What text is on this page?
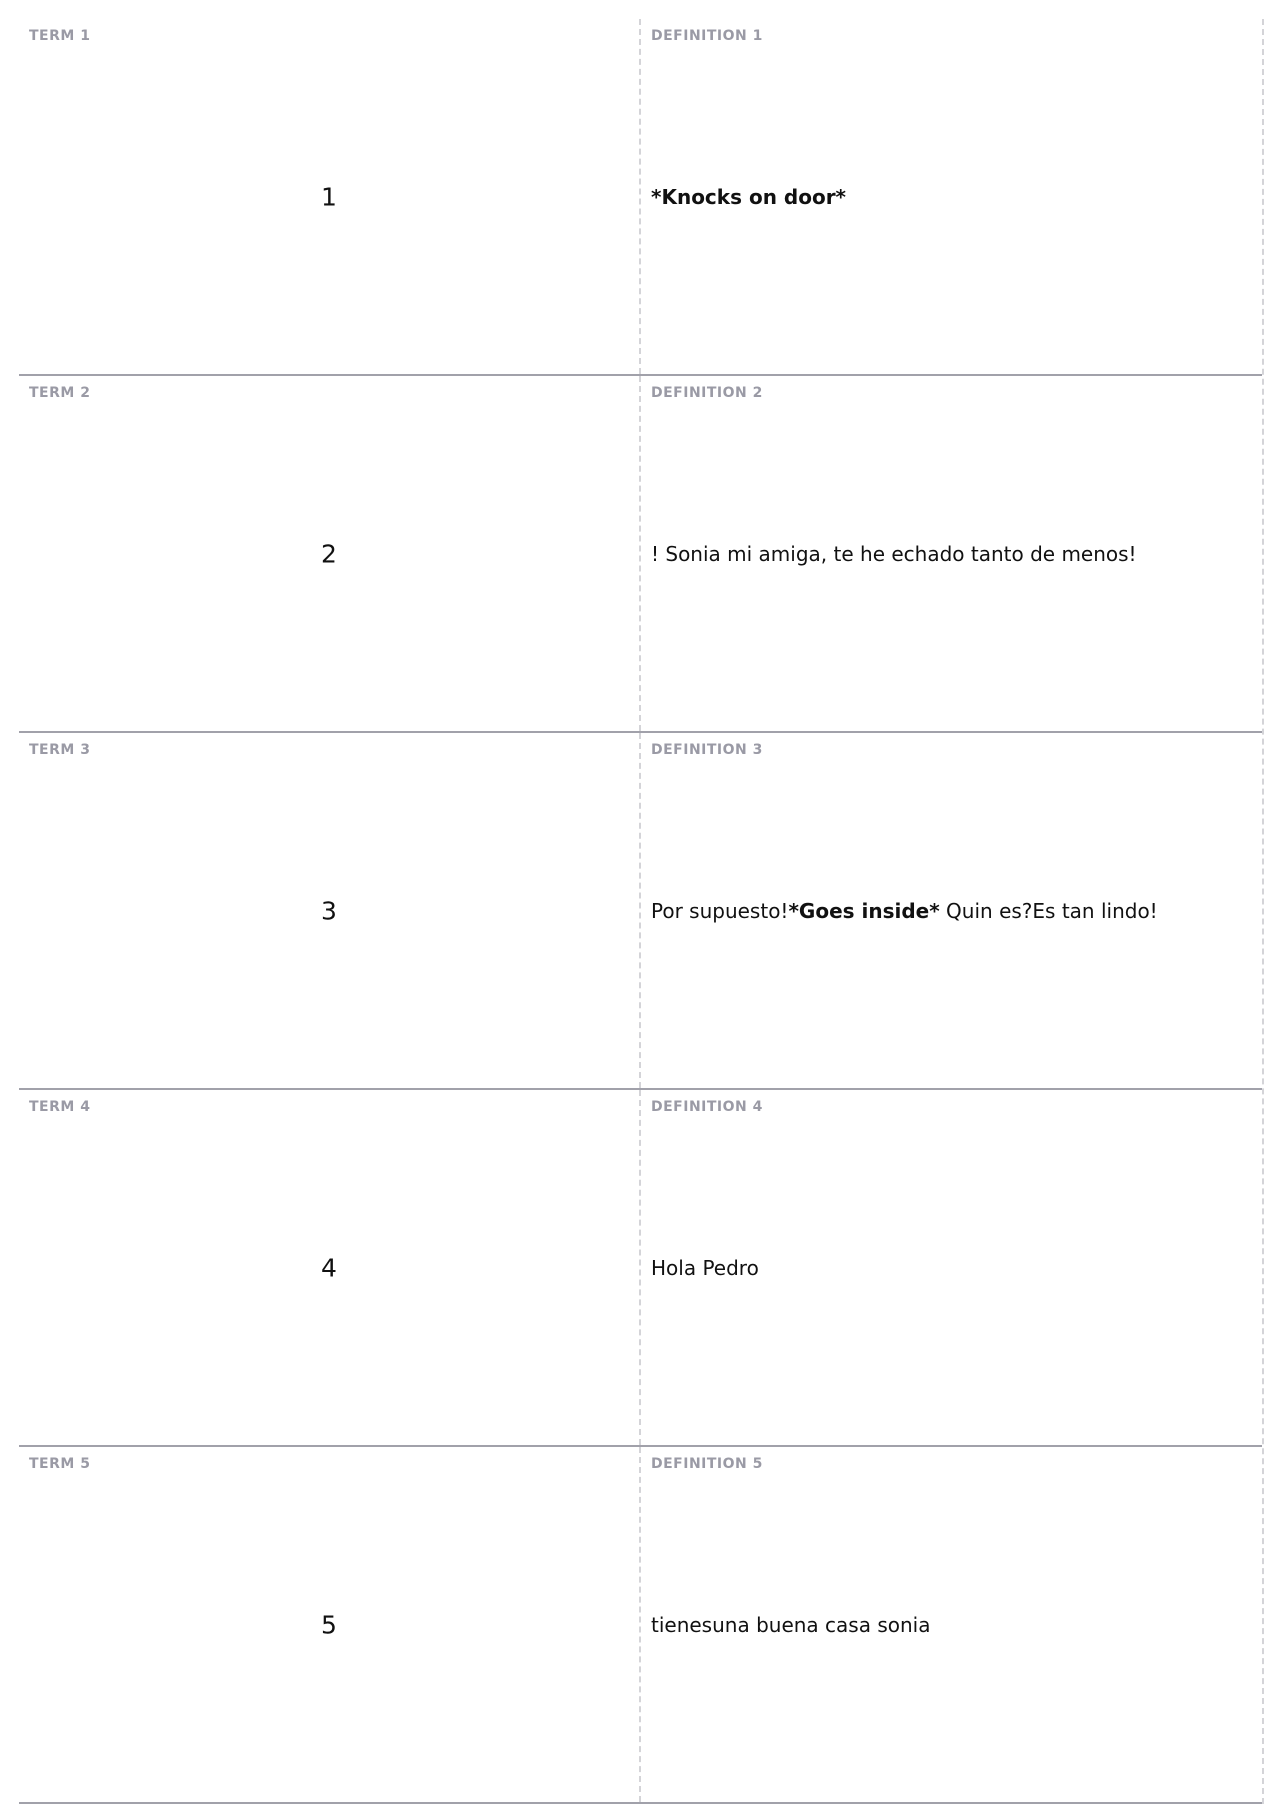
TERM 1
1
DEFINITION 1
*Knocks on door*
TERM 2
2
DEFINITION 2
! Sonia mi amiga, te he echado tanto de menos!
TERM 3
3
DEFINITION 3
Por supuesto!*Goes inside* Quin es?Es tan lindo!
TERM 4
4
DEFINITION 4
Hola Pedro
TERM 5
5
DEFINITION 5
tienesuna buena casa sonia
